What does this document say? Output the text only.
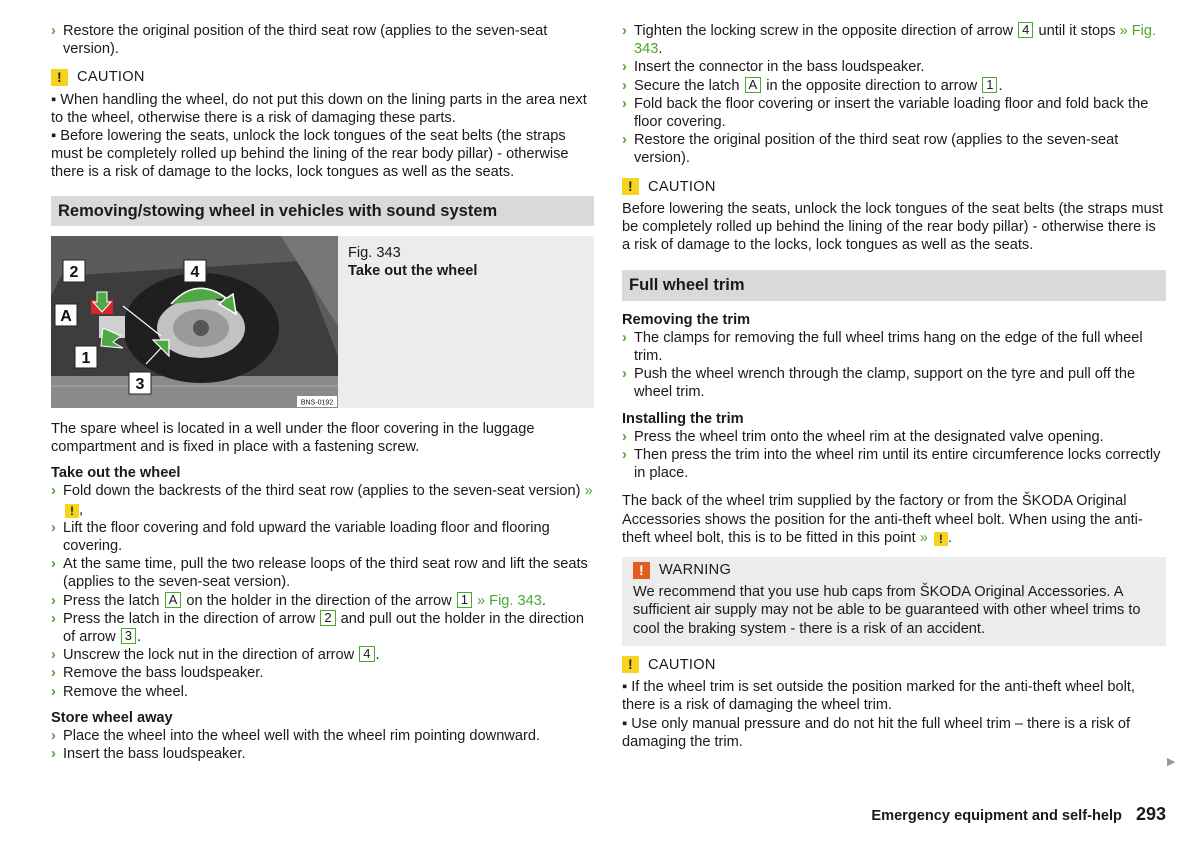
› Restore the original position of the third seat row (applies to the seven-seat version).

!	CAUTION

▪ When handling the wheel, do not put this down on the lining parts in the area next to the wheel, otherwise there is a risk of damaging these parts.

▪ Before lowering the seats, unlock the lock tongues of the seat belts (the straps must be completely rolled up behind the lining of the rear body pillar) - otherwise there is a risk of damage to the locks, lock tongues as well as the seats.

Removing/stowing wheel in vehicles with sound system
2	4
A
1
3
BNS-0192

Fig. 343

Take out the wheel

The spare wheel is located in a well under the floor covering in the luggage compartment and is fixed in place with a fastening screw.

Take out the wheel

› Fold down the backrests of the third seat row (applies to the seven-seat version) » ! ,

› Lift the floor covering and fold upward the variable loading floor and flooring covering.

› At the same time, pull the two release loops of the third seat row and lift the seats (applies to the seven-seat version).

› Press the latch A on the holder in the direction of the arrow 1 » Fig. 343.

› Press the latch in the direction of arrow 2 and pull out the holder in the direction of arrow 3 .

› Unscrew the lock nut in the direction of arrow 4 .

› Remove the bass loudspeaker.

› Remove the wheel.

Store wheel away

› Place the wheel into the wheel well with the wheel rim pointing downward.

› Insert the bass loudspeaker.

› Tighten the locking screw in the opposite direction of arrow 4 until it stops » Fig. 343.

› Insert the connector in the bass loudspeaker.

› Secure the latch A in the opposite direction to arrow 1 .

› Fold back the floor covering or insert the variable loading floor and fold back the floor covering.

› Restore the original position of the third seat row (applies to the seven-seat version).

!	CAUTION

Before lowering the seats, unlock the lock tongues of the seat belts (the straps must be completely rolled up behind the lining of the rear body pillar) - otherwise there is a risk of damage to the locks, lock tongues as well as the seats.

Full wheel trim

Removing the trim

› The clamps for removing the full wheel trims hang on the edge of the full wheel trim.

› Push the wheel wrench through the clamp, support on the tyre and pull off the wheel trim.

Installing the trim

› Press the wheel trim onto the wheel rim at the designated valve opening.

› Then press the trim into the wheel rim until its entire circumference locks correctly in place.

The back of the wheel trim supplied by the factory or from the ŠKODA Original Accessories shows the position for the anti-theft wheel bolt. When using the anti-theft wheel bolt, this is to be fitted in this point » ! .

!	WARNING

We recommend that you use hub caps from ŠKODA Original Accessories. A sufficient air supply may not be able to be guaranteed with other wheel trims to cool the braking system - there is a risk of an accident.

!	CAUTION

▪ If the wheel trim is set outside the position marked for the anti-theft wheel bolt, there is a risk of damaging the wheel trim.

▪ Use only manual pressure and do not hit the full wheel trim – there is a risk of damaging the trim.

▶
Emergency equipment and self-help 293
